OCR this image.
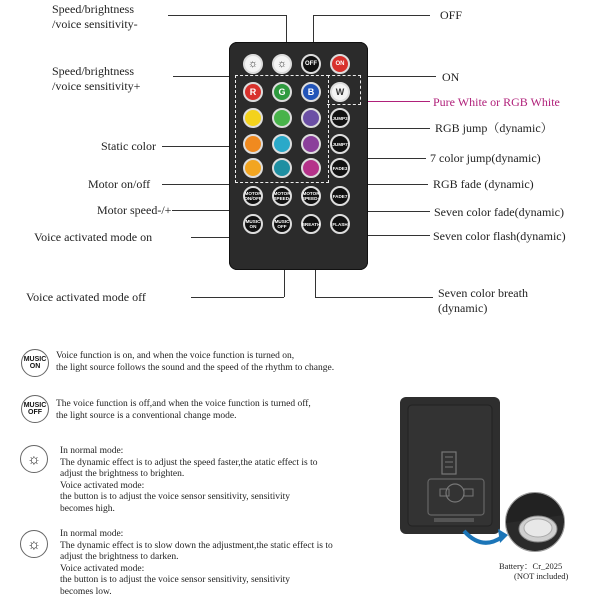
Speed/brightness
/voice sensitivity-
Speed/brightness
/voice sensitivity+
Static color
Motor on/off
Motor speed-/+
Voice activated mode on
Voice activated mode off
OFF
ON
Pure White or RGB White
RGB jump（dynamic）
7 color jump(dynamic)
RGB fade (dynamic)
Seven color fade(dynamic)
Seven color flash(dynamic)
Seven color breath
(dynamic)
☼ ☼	OFF	ON
R	G	B	W
JUMP3
JUMP7
FADE3
MOTOR
ON/OFF
MOTOR
SPEED-
MOTOR
SPEED+	FADE7
MUSIC
ON
MUSIC
OFF	BREATH	FLASH
MUSIC
ON
MUSIC
OFF
☼
☼
Voice function is on, and when the voice function is turned on,
the light source follows the sound and the speed of the rhythm to change.
The voice function is off,and when the voice function is turned off,
the light source is a conventional change mode.
In normal mode:
The dynamic effect is to adjust the speed faster,the atatic effect is to
adjust the brightness to brighten.
Voice activated mode:
the button is to adjust the voice sensor sensitivity, sensitivity
becomes high.
In normal mode:
The dynamic effect is to slow down the adjustment,the static effect is to
adjust the brightness to darken.
Voice activated mode:
the button is to adjust the voice sensor sensitivity, sensitivity
becomes low.
Battery：Cr_2025
(NOT included)
